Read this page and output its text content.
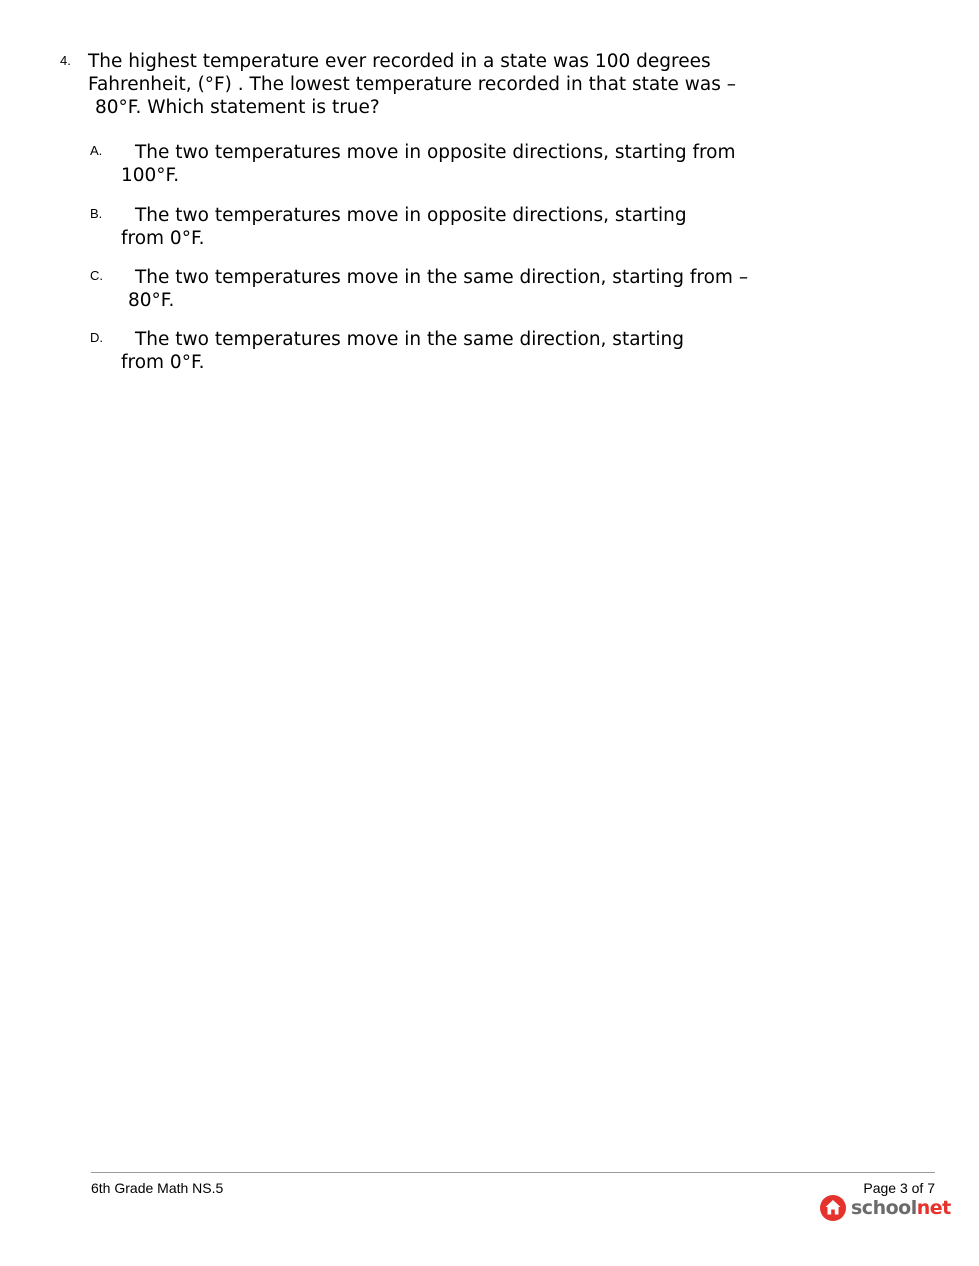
4. The highest temperature ever recorded in a state was 100 degrees
Fahrenheit, (°F) . The lowest temperature recorded in that state was –
80°F. Which statement is true?
A.	The two temperatures move in opposite directions, starting from
100°F.
B.	The two temperatures move in opposite directions, starting
from 0°F.
C.	The two temperatures move in the same direction, starting from –
80°F.
D.	The two temperatures move in the same direction, starting
from 0°F.
6th Grade Math NS.5	Page 3 of 7
schoolnet
